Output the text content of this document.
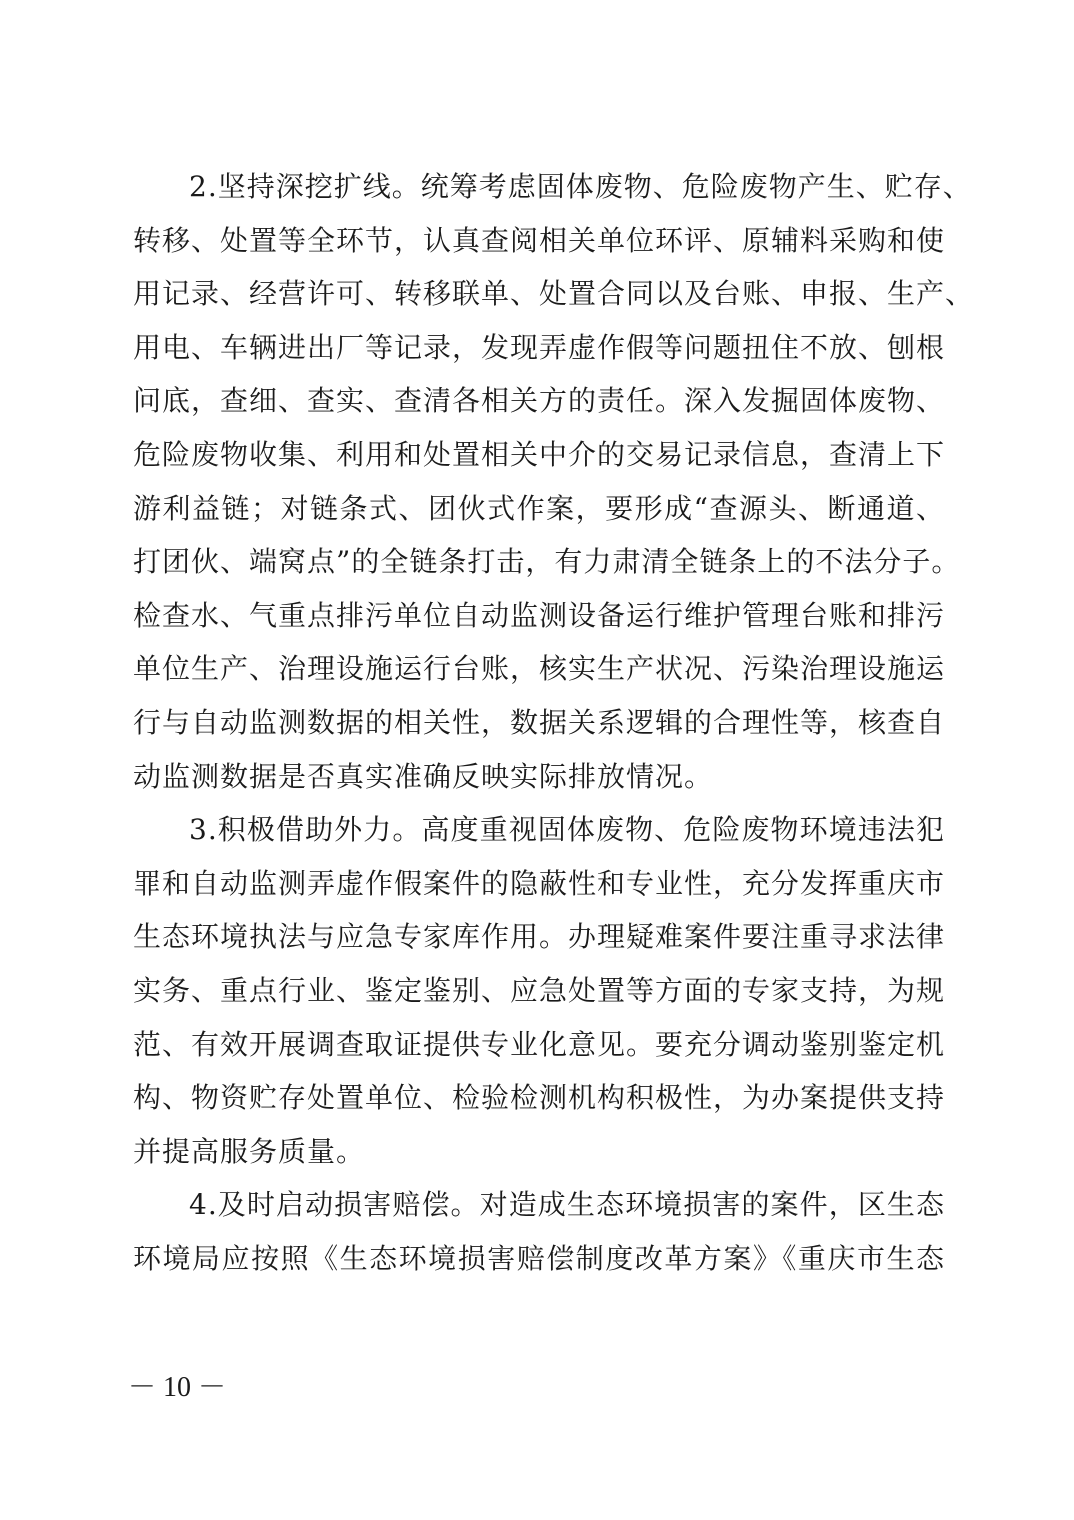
2.坚持深挖扩线。统筹考虑固体废物、危险废物产生、贮存、
转移、处置等全环节，认真查阅相关单位环评、原辅料采购和使
用记录、经营许可、转移联单、处置合同以及台账、申报、生产、
用电、车辆进出厂等记录，发现弄虚作假等问题扭住不放、刨根
问底，查细、查实、查清各相关方的责任。深入发掘固体废物、
危险废物收集、利用和处置相关中介的交易记录信息，查清上下
游利益链；对链条式、团伙式作案，要形成“查源头、断通道、
打团伙、端窝点”的全链条打击，有力肃清全链条上的不法分子。
检查水、气重点排污单位自动监测设备运行维护管理台账和排污
单位生产、治理设施运行台账，核实生产状况、污染治理设施运
行与自动监测数据的相关性，数据关系逻辑的合理性等，核查自
动监测数据是否真实准确反映实际排放情况。
3.积极借助外力。高度重视固体废物、危险废物环境违法犯
罪和自动监测弄虚作假案件的隐蔽性和专业性，充分发挥重庆市
生态环境执法与应急专家库作用。办理疑难案件要注重寻求法律
实务、重点行业、鉴定鉴别、应急处置等方面的专家支持，为规
范、有效开展调查取证提供专业化意见。要充分调动鉴别鉴定机
构、物资贮存处置单位、检验检测机构积极性，为办案提供支持
并提高服务质量。
4.及时启动损害赔偿。对造成生态环境损害的案件，区生态
环境局应按照《生态环境损害赔偿制度改革方案》《重庆市生态
－ 10 －
